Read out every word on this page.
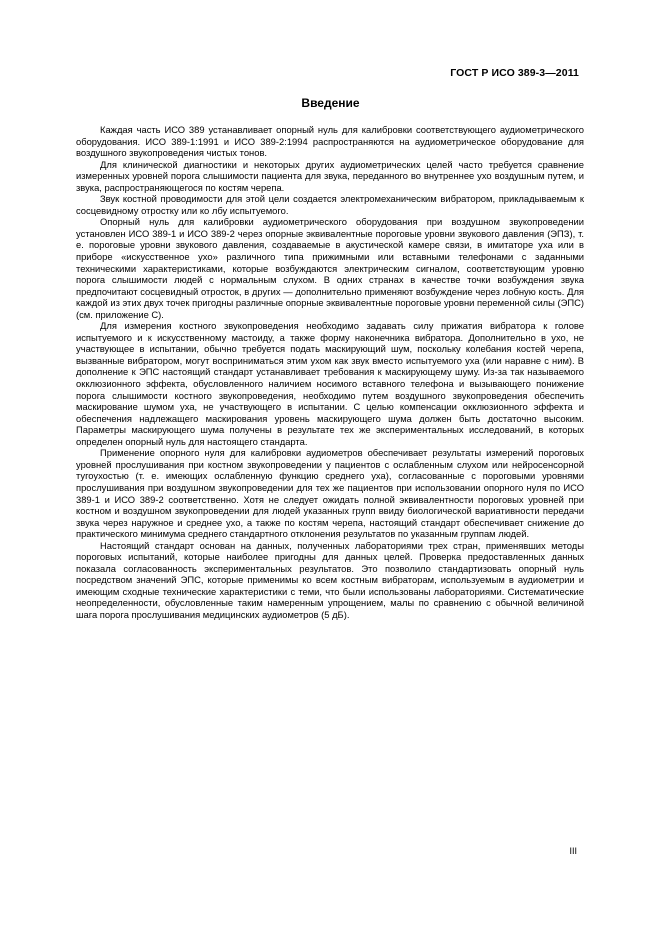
ГОСТ Р ИСО 389-3—2011
Введение

Каждая часть ИСО 389 устанавливает опорный нуль для калибровки соответствующего аудиометрического оборудования. ИСО 389-1:1991 и ИСО 389-2:1994 распространяются на аудиометрическое оборудование для воздушного звукопроведения чистых тонов.

Для клинической диагностики и некоторых других аудиометрических целей часто требуется сравнение измеренных уровней порога слышимости пациента для звука, переданного во внутреннее ухо воздушным путем, и звука, распространяющегося по костям черепа.

Звук костной проводимости для этой цели создается электромеханическим вибратором, прикладываемым к сосцевидному отростку или ко лбу испытуемого.

Опорный нуль для калибровки аудиометрического оборудования при воздушном звукопроведении установлен ИСО 389-1 и ИСО 389-2 через опорные эквивалентные пороговые уровни звукового давления (ЭПЗ), т. е. пороговые уровни звукового давления, создаваемые в акустической камере связи, в имитаторе уха или в приборе «искусственное ухо» различного типа прижимными или вставными телефонами с заданными техническими характеристиками, которые возбуждаются электрическим сигналом, соответствующим уровню порога слышимости людей с нормальным слухом. В одних странах в качестве точки возбуждения звука предпочитают сосцевидный отросток, в других — дополнительно применяют возбуждение через лобную кость. Для каждой из этих двух точек пригодны различные опорные эквивалентные пороговые уровни переменной силы (ЭПС) (см. приложение С).

Для измерения костного звукопроведения необходимо задавать силу прижатия вибратора к голове испытуемого и к искусственному мастоиду, а также форму наконечника вибратора. Дополнительно в ухо, не участвующее в испытании, обычно требуется подать маскирующий шум, поскольку колебания костей черепа, вызванные вибратором, могут восприниматься этим ухом как звук вместо испытуемого уха (или наравне с ним). В дополнение к ЭПС настоящий стандарт устанавливает требования к маскирующему шуму. Из-за так называемого окклюзионного эффекта, обусловленного наличием носимого вставного телефона и вызывающего понижение порога слышимости костного звукопроведения, необходимо путем воздушного звукопроведения обеспечить маскирование шумом уха, не участвующего в испытании. С целью компенсации окклюзионного эффекта и обеспечения надлежащего маскирования уровень маскирующего шума должен быть достаточно высоким. Параметры маскирующего шума получены в результате тех же экспериментальных исследований, в которых определен опорный нуль для настоящего стандарта.

Применение опорного нуля для калибровки аудиометров обеспечивает результаты измерений пороговых уровней прослушивания при костном звукопроведении у пациентов с ослабленным слухом или нейросенсорной тугоухостью (т. е. имеющих ослабленную функцию среднего уха), согласованные с пороговыми уровнями прослушивания при воздушном звукопроведении для тех же пациентов при использовании опорного нуля по ИСО 389-1 и ИСО 389-2 соответственно. Хотя не следует ожидать полной эквивалентности пороговых уровней при костном и воздушном звукопроведении для людей указанных групп ввиду биологической вариативности передачи звука через наружное и среднее ухо, а также по костям черепа, настоящий стандарт обеспечивает снижение до практического минимума среднего стандартного отклонения результатов по указанным группам людей.

Настоящий стандарт основан на данных, полученных лабораториями трех стран, применявших методы пороговых испытаний, которые наиболее пригодны для данных целей. Проверка предоставленных данных показала согласованность экспериментальных результатов. Это позволило стандартизовать опорный нуль посредством значений ЭПС, которые применимы ко всем костным вибраторам, используемым в аудиометрии и имеющим сходные технические характеристики с теми, что были использованы лабораториями. Систематические неопределенности, обусловленные таким намеренным упрощением, малы по сравнению с обычной величиной шага порога прослушивания медицинских аудиометров (5 дБ).

III
